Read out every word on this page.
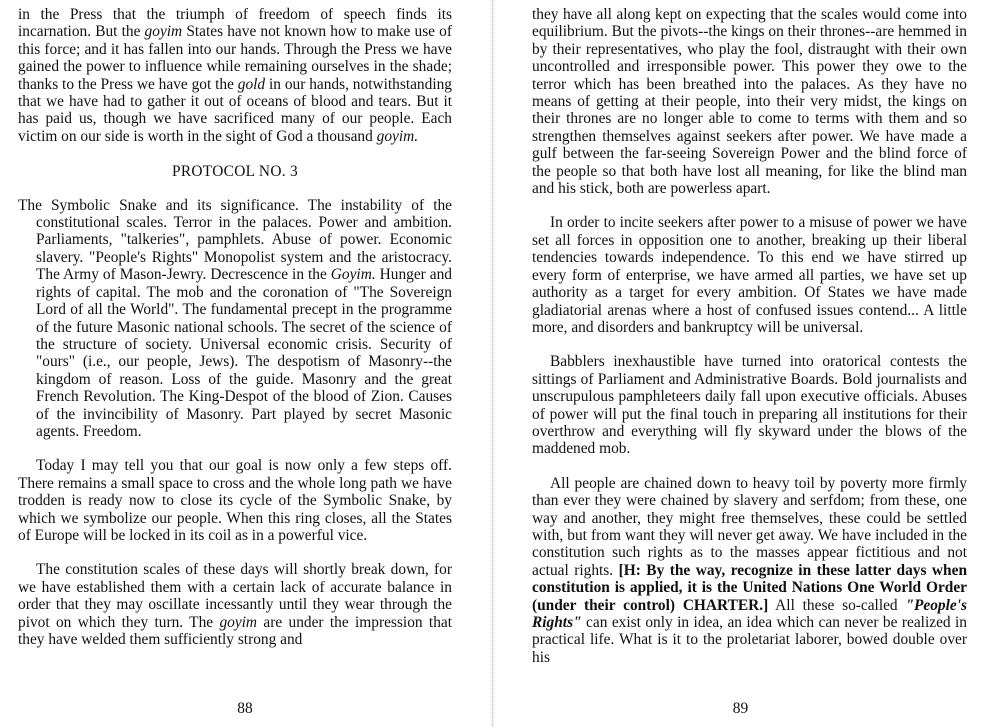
in the Press that the triumph of freedom of speech finds its incarnation. But the goyim States have not known how to make use of this force; and it has fallen into our hands. Through the Press we have gained the power to influence while remaining ourselves in the shade; thanks to the Press we have got the gold in our hands, notwithstanding that we have had to gather it out of oceans of blood and tears. But it has paid us, though we have sacrificed many of our people. Each victim on our side is worth in the sight of God a thousand goyim.

PROTOCOL NO. 3

The Symbolic Snake and its significance. The instability of the constitutional scales. Terror in the palaces. Power and ambition. Parliaments, "talkeries", pamphlets. Abuse of power. Economic slavery. "People's Rights" Monopolist system and the aristocracy. The Army of Mason-Jewry. Decrescence in the Goyim. Hunger and rights of capital. The mob and the coronation of "The Sovereign Lord of all the World". The fundamental precept in the programme of the future Masonic national schools. The secret of the science of the structure of society. Universal economic crisis. Security of "ours" (i.e., our people, Jews). The despotism of Masonry--the kingdom of reason. Loss of the guide. Masonry and the great French Revolution. The King-Despot of the blood of Zion. Causes of the invincibility of Masonry. Part played by secret Masonic agents. Freedom.

Today I may tell you that our goal is now only a few steps off. There remains a small space to cross and the whole long path we have trodden is ready now to close its cycle of the Symbolic Snake, by which we symbolize our people. When this ring closes, all the States of Europe will be locked in its coil as in a powerful vice.

The constitution scales of these days will shortly break down, for we have established them with a certain lack of accurate balance in order that they may oscillate incessantly until they wear through the pivot on which they turn. The goyim are under the impression that they have welded them sufficiently strong and

88

they have all along kept on expecting that the scales would come into equilibrium. But the pivots--the kings on their thrones--are hemmed in by their representatives, who play the fool, distraught with their own uncontrolled and irresponsible power. This power they owe to the terror which has been breathed into the palaces. As they have no means of getting at their people, into their very midst, the kings on their thrones are no longer able to come to terms with them and so strengthen themselves against seekers after power. We have made a gulf between the far-seeing Sovereign Power and the blind force of the people so that both have lost all meaning, for like the blind man and his stick, both are powerless apart.

In order to incite seekers after power to a misuse of power we have set all forces in opposition one to another, breaking up their liberal tendencies towards independence. To this end we have stirred up every form of enterprise, we have armed all parties, we have set up authority as a target for every ambition. Of States we have made gladiatorial arenas where a host of confused issues contend... A little more, and disorders and bankruptcy will be universal.

Babblers inexhaustible have turned into oratorical contests the sittings of Parliament and Administrative Boards. Bold journalists and unscrupulous pamphleteers daily fall upon executive officials. Abuses of power will put the final touch in preparing all institutions for their overthrow and everything will fly skyward under the blows of the maddened mob.

All people are chained down to heavy toil by poverty more firmly than ever they were chained by slavery and serfdom; from these, one way and another, they might free themselves, these could be settled with, but from want they will never get away. We have included in the constitution such rights as to the masses appear fictitious and not actual rights. [H: By the way, recognize in these latter days when constitution is applied, it is the United Nations One World Order (under their control) CHARTER.] All these so-called "People's Rights" can exist only in idea, an idea which can never be realized in practical life. What is it to the proletariat laborer, bowed double over his

89
